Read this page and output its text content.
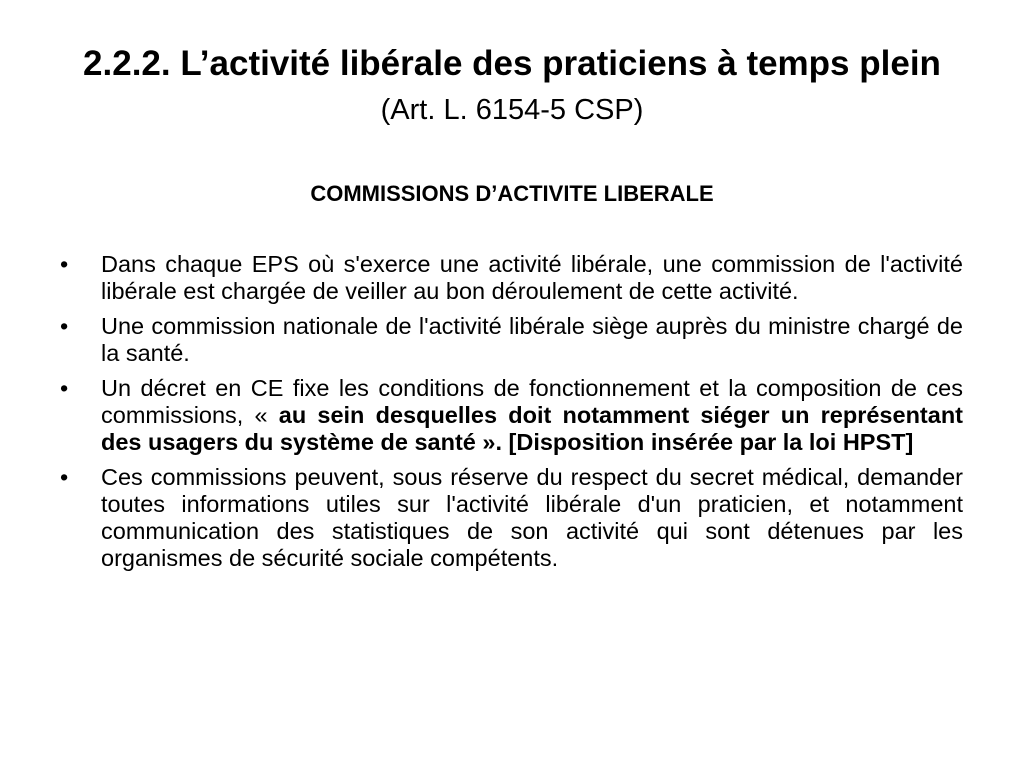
2.2.2. L’activité libérale des praticiens à temps plein (Art. L. 6154-5 CSP)
COMMISSIONS D’ACTIVITE LIBERALE
• Dans chaque EPS où s'exerce une activité libérale, une commission de l'activité libérale est chargée de veiller au bon déroulement de cette activité.
• Une commission nationale de l'activité libérale siège auprès du ministre chargé de la santé.
• Un décret en CE fixe les conditions de fonctionnement et la composition de ces commissions, « au sein desquelles doit notamment siéger un représentant des usagers du système de santé ». [Disposition insérée par la loi HPST]
• Ces commissions peuvent, sous réserve du respect du secret médical, demander toutes informations utiles sur l'activité libérale d'un praticien, et notamment communication des statistiques de son activité qui sont détenues par les organismes de sécurité sociale compétents.
